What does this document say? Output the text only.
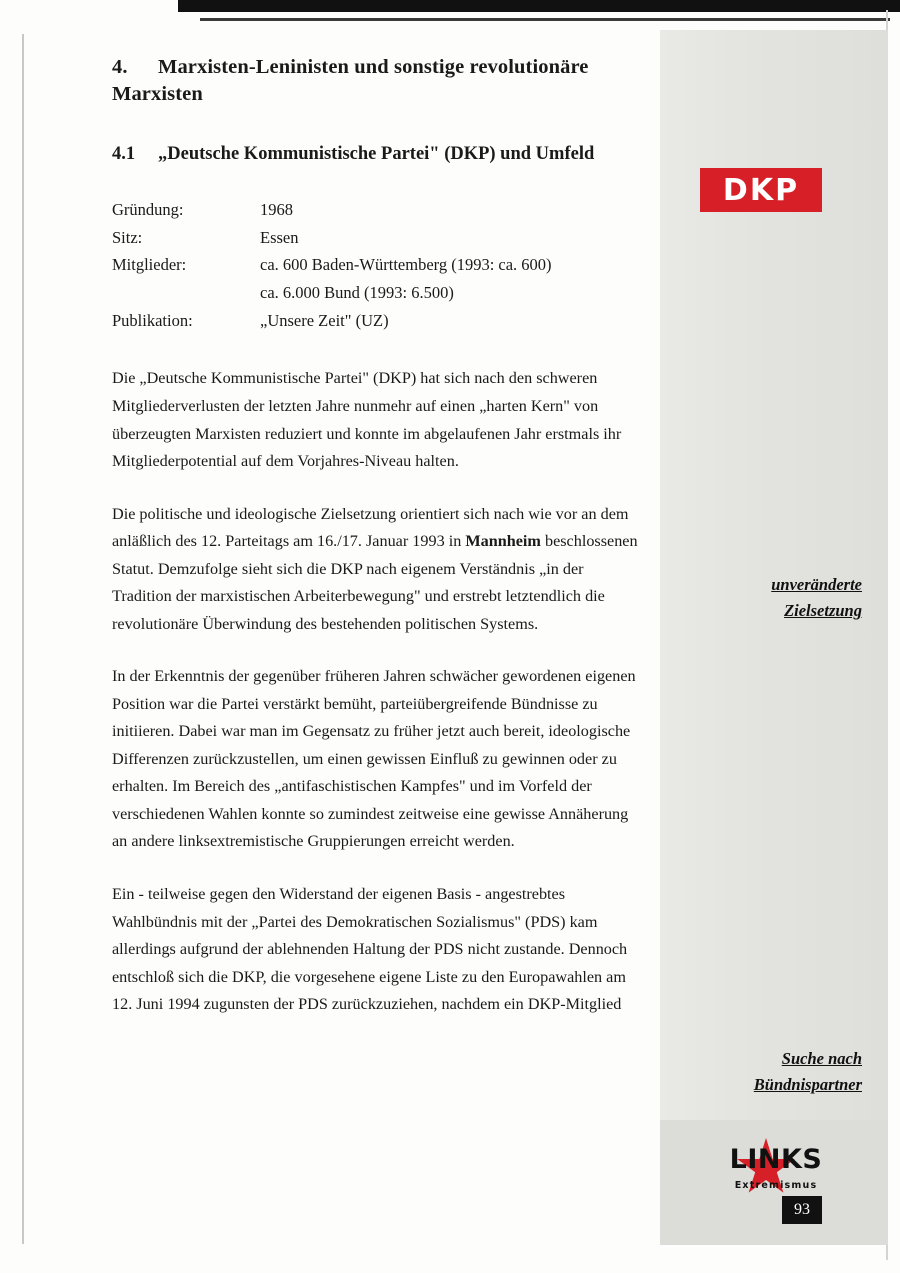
4. Marxisten-Leninisten und sonstige revolutionäre Marxisten
4.1 „Deutsche Kommunistische Partei" (DKP) und Umfeld
Gründung:	1968
Sitz:	Essen
Mitglieder:	ca. 600 Baden-Württemberg (1993: ca. 600)
	ca. 6.000 Bund (1993: 6.500)
Publikation:	„Unsere Zeit" (UZ)

Die „Deutsche Kommunistische Partei" (DKP) hat sich nach den schweren Mitgliederverlusten der letzten Jahre nunmehr auf einen „harten Kern" von überzeugten Marxisten reduziert und konnte im abgelaufenen Jahr erstmals ihr Mitgliederpotential auf dem Vorjahres-Niveau halten.

Die politische und ideologische Zielsetzung orientiert sich nach wie vor an dem anläßlich des 12. Parteitags am 16./17. Januar 1993 in Mannheim beschlossenen Statut. Demzufolge sieht sich die DKP nach eigenem Verständnis „in der Tradition der marxistischen Arbeiterbewegung" und erstrebt letztendlich die revolutionäre Überwindung des bestehenden politischen Systems.

In der Erkenntnis der gegenüber früheren Jahren schwächer gewordenen eigenen Position war die Partei verstärkt bemüht, parteiübergreifende Bündnisse zu initiieren. Dabei war man im Gegensatz zu früher jetzt auch bereit, ideologische Differenzen zurückzustellen, um einen gewissen Einfluß zu gewinnen oder zu erhalten. Im Bereich des „antifaschistischen Kampfes" und im Vorfeld der verschiedenen Wahlen konnte so zumindest zeitweise eine gewisse Annäherung an andere linksextremistische Gruppierungen erreicht werden.

Ein - teilweise gegen den Widerstand der eigenen Basis - angestrebtes Wahlbündnis mit der „Partei des Demokratischen Sozialismus" (PDS) kam allerdings aufgrund der ablehnenden Haltung der PDS nicht zustande. Dennoch entschloß sich die DKP, die vorgesehene eigene Liste zu den Europawahlen am 12. Juni 1994 zugunsten der PDS zurückzuziehen, nachdem ein DKP-Mitglied

unveränderte
Zielsetzung
Suche nach
Bündnispartner
DKP
LINKS
Extremismus
93
